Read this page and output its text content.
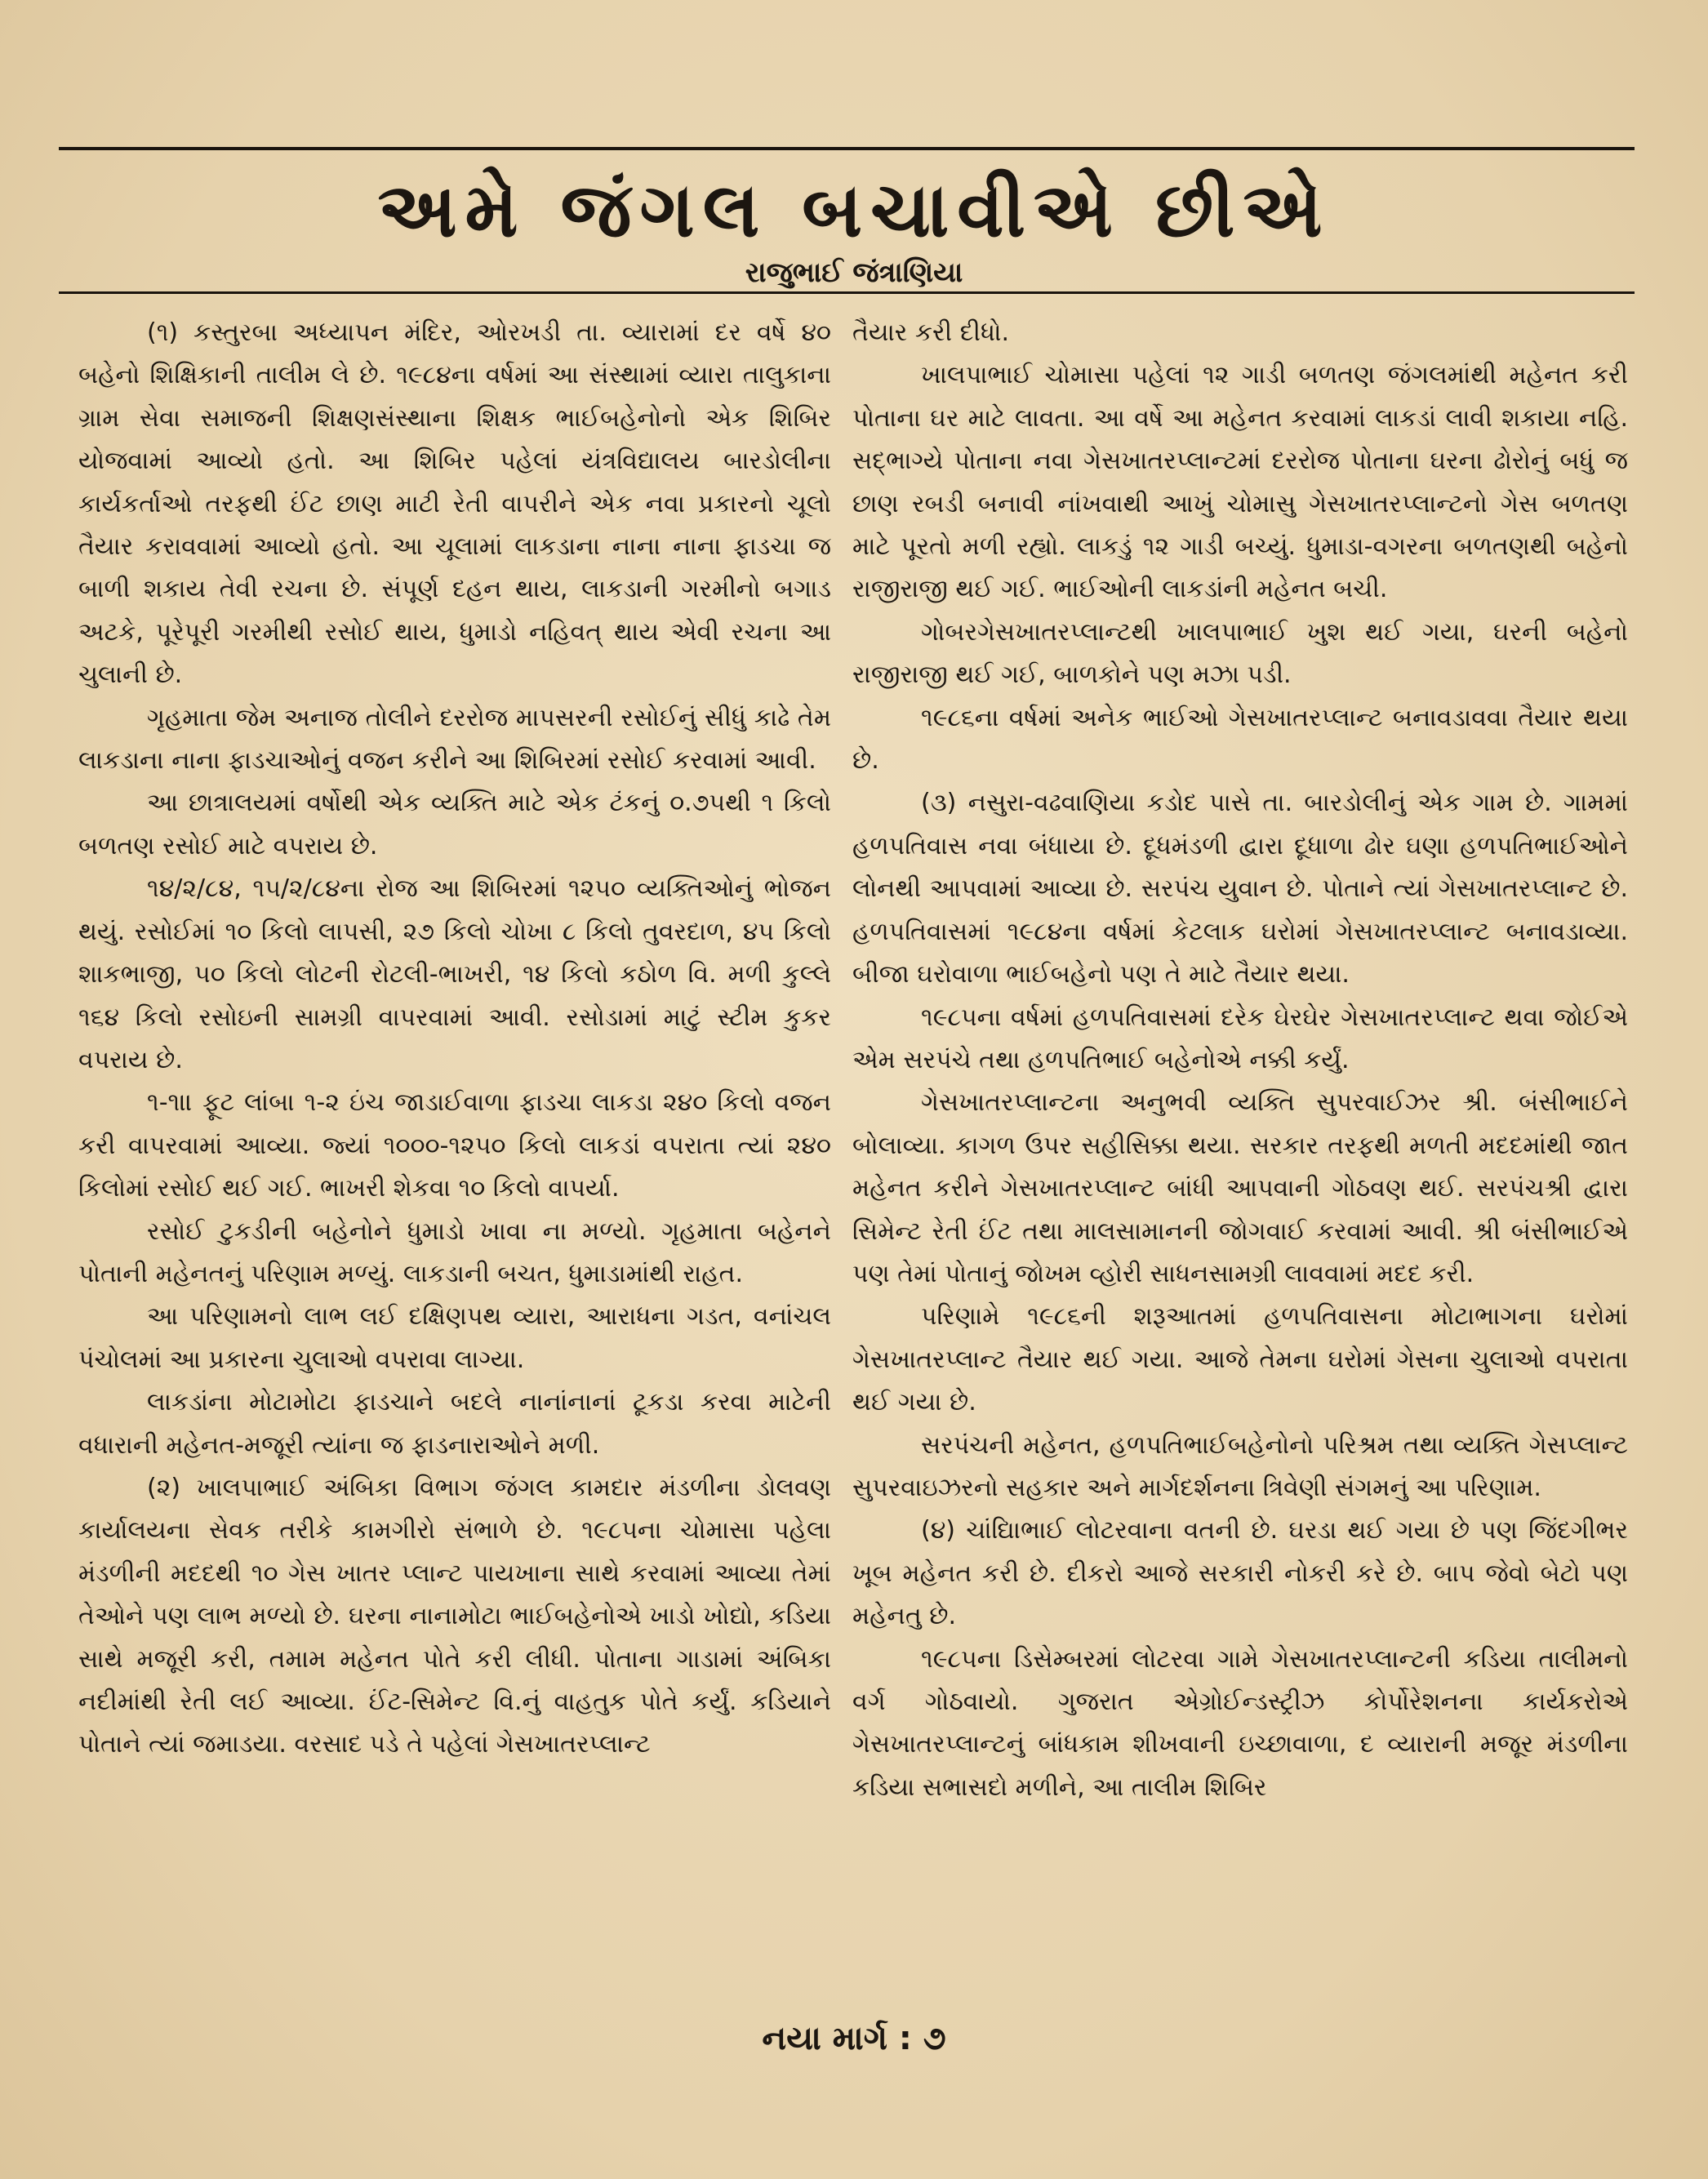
અમે જંગલ બચાવીએ છીએ
રાજુભાઈ જંત્રાણિયા

(૧) કસ્તુરબા અધ્યાપન મંદિર, ઓરખડી તા. વ્યારામાં દર વર્ષે ૪૦ બહેનો શિક્ષિકાની તાલીમ લે છે. ૧૯૮૪ના વર્ષમાં આ સંસ્થામાં વ્યારા તાલુકાના ગ્રામ સેવા સમાજની શિક્ષણસંસ્થાના શિક્ષક ભાઈબહેનોનો એક શિબિર યોજવામાં આવ્યો હતો. આ શિબિર પહેલાં યંત્રવિદ્યાલય બારડોલીના કાર્યકર્તાઓ તરફથી ઈંટ છાણ માટી રેતી વાપરીને એક નવા પ્રકારનો ચૂલો તૈયાર કરાવવામાં આવ્યો હતો. આ ચૂલામાં લાકડાના નાના નાના ફાડચા જ બાળી શકાય તેવી રચના છે. સંપૂર્ણ દહન થાય, લાકડાની ગરમીનો બગાડ અટકે, પૂરેપૂરી ગરમીથી રસોઈ થાય, ધુમાડો નહિવત્ થાય એવી રચના આ ચુલાની છે.

ગૃહમાતા જેમ અનાજ તોલીને દરરોજ માપસરની રસોઈનું સીધું કાઢે તેમ લાકડાના નાના ફાડચાઓનું વજન કરીને આ શિબિરમાં રસોઈ કરવામાં આવી.

આ છાત્રાલયમાં વર્ષોથી એક વ્યક્તિ માટે એક ટંકનું ૦.૭૫થી ૧ કિલો બળતણ રસોઈ માટે વપરાય છે.

૧૪/૨/૮૪, ૧૫/૨/૮૪ના રોજ આ શિબિરમાં ૧૨૫૦ વ્યક્તિઓનું ભોજન થયું. રસોઈમાં ૧૦ કિલો લાપસી, ૨૭ કિલો ચોખા ૮ કિલો તુવરદાળ, ૪૫ કિલો શાકભાજી, ૫૦ કિલો લોટની રોટલી-ભાખરી, ૧૪ કિલો કઠોળ વિ. મળી કુલ્લે ૧૬૪ કિલો રસોઇની સામગ્રી વાપરવામાં આવી. રસોડામાં માટું સ્ટીમ કુકર વપરાય છે.

૧-૧॥ ફૂટ લાંબા ૧-૨ ઇંચ જાડાઈવાળા ફાડચા લાકડા ૨૪૦ કિલો વજન કરી વાપરવામાં આવ્યા. જ્યાં ૧૦૦૦-૧૨૫૦ કિલો લાકડાં વપરાતા ત્યાં ૨૪૦ કિલોમાં રસોઈ થઈ ગઈ. ભાખરી શેકવા ૧૦ કિલો વાપર્યા.

રસોઈ ટુકડીની બહેનોને ધુમાડો ખાવા ના મળ્યો. ગૃહમાતા બહેનને પોતાની મહેનતનું પરિણામ મળ્યું. લાકડાની બચત, ધુમાડામાંથી રાહત.

આ પરિણામનો લાભ લઈ દક્ષિણપથ વ્યારા, આરાધના ગડત, વનાંચલ પંચોલમાં આ પ્રકારના ચુલાઓ વપરાવા લાગ્યા.

લાકડાંના મોટામોટા ફાડચાને બદલે નાનાંનાનાં ટૂકડા કરવા માટેની વધારાની મહેનત-મજૂરી ત્યાંના જ ફાડનારાઓને મળી.

(૨) ખાલપાભાઈ અંબિકા વિભાગ જંગલ કામદાર મંડળીના ડોલવણ કાર્યાલયના સેવક તરીકે કામગીરો સંભાળે છે. ૧૯૮૫ના ચોમાસા પહેલા મંડળીની મદદથી ૧૦ ગેસ ખાતર પ્લાન્ટ પાયખાના સાથે કરવામાં આવ્યા તેમાં તેઓને પણ લાભ મળ્યો છે. ઘરના નાનામોટા ભાઈબહેનોએ ખાડો ખોદ્યો, કડિયા સાથે મજૂરી કરી, તમામ મહેનત પોતે કરી લીધી. પોતાના ગાડામાં અંબિકા નદીમાંથી રેતી લઈ આવ્યા. ઈંટ-સિમેન્ટ વિ.નું વાહતુક પોતે કર્યું. કડિયાને પોતાને ત્યાં જમાડયા. વરસાદ પડે તે પહેલાં ગેસખાતરપ્લાન્ટ

તૈયાર કરી દીધો.

ખાલપાભાઈ ચોમાસા પહેલાં ૧૨ ગાડી બળતણ જંગલમાંથી મહેનત કરી પોતાના ઘર માટે લાવતા. આ વર્ષે આ મહેનત કરવામાં લાકડાં લાવી શકાયા નહિ. સદ્ભાગ્યે પોતાના નવા ગેસખાતરપ્લાન્ટમાં દરરોજ પોતાના ઘરના ઢોરોનું બધું જ છાણ રબડી બનાવી નાંખવાથી આખું ચોમાસુ ગેસખાતરપ્લાન્ટનો ગેસ બળતણ માટે પૂરતો મળી રહ્યો. લાકડું ૧૨ ગાડી બચ્યું. ધુમાડા-વગરના બળતણથી બહેનો રાજીરાજી થઈ ગઈ. ભાઈઓની લાકડાંની મહેનત બચી.

ગોબરગેસખાતરપ્લાન્ટથી ખાલપાભાઈ ખુશ થઈ ગયા, ઘરની બહેનો રાજીરાજી થઈ ગઈ, બાળકોને પણ મઝા પડી.

૧૯૮૬ના વર્ષમાં અનેક ભાઈઓ ગેસખાતરપ્લાન્ટ બનાવડાવવા તૈયાર થયા છે.

(૩) નસુરા-વઢવાણિયા કડોદ પાસે તા. બારડોલીનું એક ગામ છે. ગામમાં હળપતિવાસ નવા બંધાયા છે. દૂધમંડળી દ્વારા દૂધાળા ઢોર ઘણા હળપતિભાઈઓને લોનથી આપવામાં આવ્યા છે. સરપંચ યુવાન છે. પોતાને ત્યાં ગેસખાતરપ્લાન્ટ છે. હળપતિવાસમાં ૧૯૮૪ના વર્ષમાં કેટલાક ઘરોમાં ગેસખાતરપ્લાન્ટ બનાવડાવ્યા. બીજા ઘરોવાળા ભાઈબહેનો પણ તે માટે તૈયાર થયા.

૧૯૮૫ના વર્ષમાં હળપતિવાસમાં દરેક ઘેરઘેર ગેસખાતરપ્લાન્ટ થવા જોઈએ એમ સરપંચે તથા હળપતિભાઈ બહેનોએ નક્કી કર્યું.

ગેસખાતરપ્લાન્ટના અનુભવી વ્યક્તિ સુપરવાઈઝર શ્રી. બંસીભાઈને બોલાવ્યા. કાગળ ઉપર સહીસિક્કા થયા. સરકાર તરફથી મળતી મદદમાંથી જાત મહેનત કરીને ગેસખાતરપ્લાન્ટ બાંધી આપવાની ગોઠવણ થઈ. સરપંચશ્રી દ્વારા સિમેન્ટ રેતી ઈંટ તથા માલસામાનની જોગવાઈ કરવામાં આવી. શ્રી બંસીભાઈએ પણ તેમાં પોતાનું જોખમ વ્હોરી સાધનસામગ્રી લાવવામાં મદદ કરી.

પરિણામે ૧૯૮૬ની શરૂઆતમાં હળપતિવાસના મોટાભાગના ઘરોમાં ગેસખાતરપ્લાન્ટ તૈયાર થઈ ગયા. આજે તેમના ઘરોમાં ગેસના ચુલાઓ વપરાતા થઈ ગયા છે.

સરપંચની મહેનત, હળપતિભાઈબહેનોનો પરિશ્રમ તથા વ્યક્તિ ગેસપ્લાન્ટ સુપરવાઇઝરનો સહકાર અને માર્ગદર્શનના ત્રિવેણી સંગમનું આ પરિણામ.

(૪) ચાંદ્યિાભાઈ લોટરવાના વતની છે. ઘરડા થઈ ગયા છે પણ જિંદગીભર ખૂબ મહેનત કરી છે. દીકરો આજે સરકારી નોકરી કરે છે. બાપ જેવો બેટો પણ મહેનતુ છે.

૧૯૮૫ના ડિસેમ્બરમાં લોટરવા ગામે ગેસખાતરપ્લાન્ટની કડિયા તાલીમનો વર્ગ ગોઠવાયો. ગુજરાત એગ્રોઈન્ડસ્ટ્રીઝ કોર્પોરેશનના કાર્યકરોએ ગેસખાતરપ્લાન્ટનું બાંધકામ શીખવાની ઇચ્છાવાળા, દ વ્યારાની મજૂર મંડળીના કડિયા સભાસદો મળીને, આ તાલીમ શિબિર

નયા માર્ગ : ૭
